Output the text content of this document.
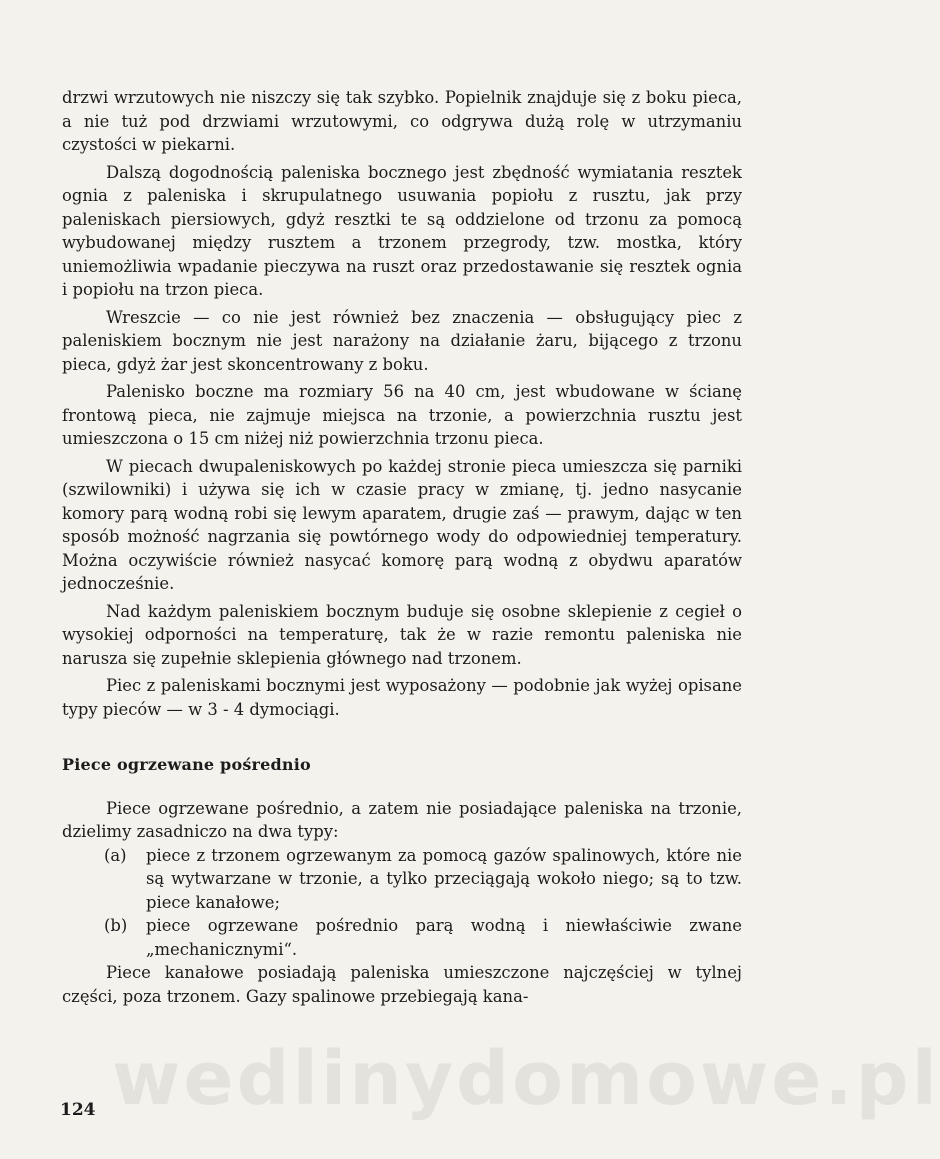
drzwi wrzutowych nie niszczy się tak szybko. Popielnik znajduje się z boku pieca, a nie tuż pod drzwiami wrzutowymi, co odgrywa dużą rolę w utrzymaniu czystości w piekarni.

Dalszą dogodnością paleniska bocznego jest zbędność wymiatania resztek ognia z paleniska i skrupulatnego usuwania popiołu z rusztu, jak przy paleniskach piersiowych, gdyż resztki te są oddzielone od trzonu za pomocą wybudowanej między rusztem a trzonem przegrody, tzw. mostka, który uniemożliwia wpadanie pieczywa na ruszt oraz przedostawanie się resztek ognia i popiołu na trzon pieca.

Wreszcie — co nie jest również bez znaczenia — obsługujący piec z paleniskiem bocznym nie jest narażony na działanie żaru, bijącego z trzonu pieca, gdyż żar jest skoncentrowany z boku.

Palenisko boczne ma rozmiary 56 na 40 cm, jest wbudowane w ścianę frontową pieca, nie zajmuje miejsca na trzonie, a powierzchnia rusztu jest umieszczona o 15 cm niżej niż powierzchnia trzonu pieca.

W piecach dwupaleniskowych po każdej stronie pieca umieszcza się parniki (szwilowniki) i używa się ich w czasie pracy w zmianę, tj. jedno nasycanie komory parą wodną robi się lewym aparatem, drugie zaś — prawym, dając w ten sposób możność nagrzania się powtórnego wody do odpowiedniej temperatury. Można oczywiście również nasycać komorę parą wodną z obydwu aparatów jednocześnie.

Nad każdym paleniskiem bocznym buduje się osobne sklepienie z cegieł o wysokiej odporności na temperaturę, tak że w razie remontu paleniska nie narusza się zupełnie sklepienia głównego nad trzonem.

Piec z paleniskami bocznymi jest wyposażony — podobnie jak wyżej opisane typy pieców — w 3 - 4 dymociągi.

Piece ogrzewane pośrednio

Piece ogrzewane pośrednio, a zatem nie posiadające paleniska na trzonie, dzielimy zasadniczo na dwa typy:

(a)	piece z trzonem ogrzewanym za pomocą gazów spalinowych, które nie są wytwarzane w trzonie, a tylko przeciągają wokoło niego; są to tzw. piece kanałowe;
(b)	piece ogrzewane pośrednio parą wodną i niewłaściwie zwane „mechanicznymi“.

Piece kanałowe posiadają paleniska umieszczone najczęściej w tylnej części, poza trzonem. Gazy spalinowe przebiegają kana-

wedlinydomowe.pl
124
